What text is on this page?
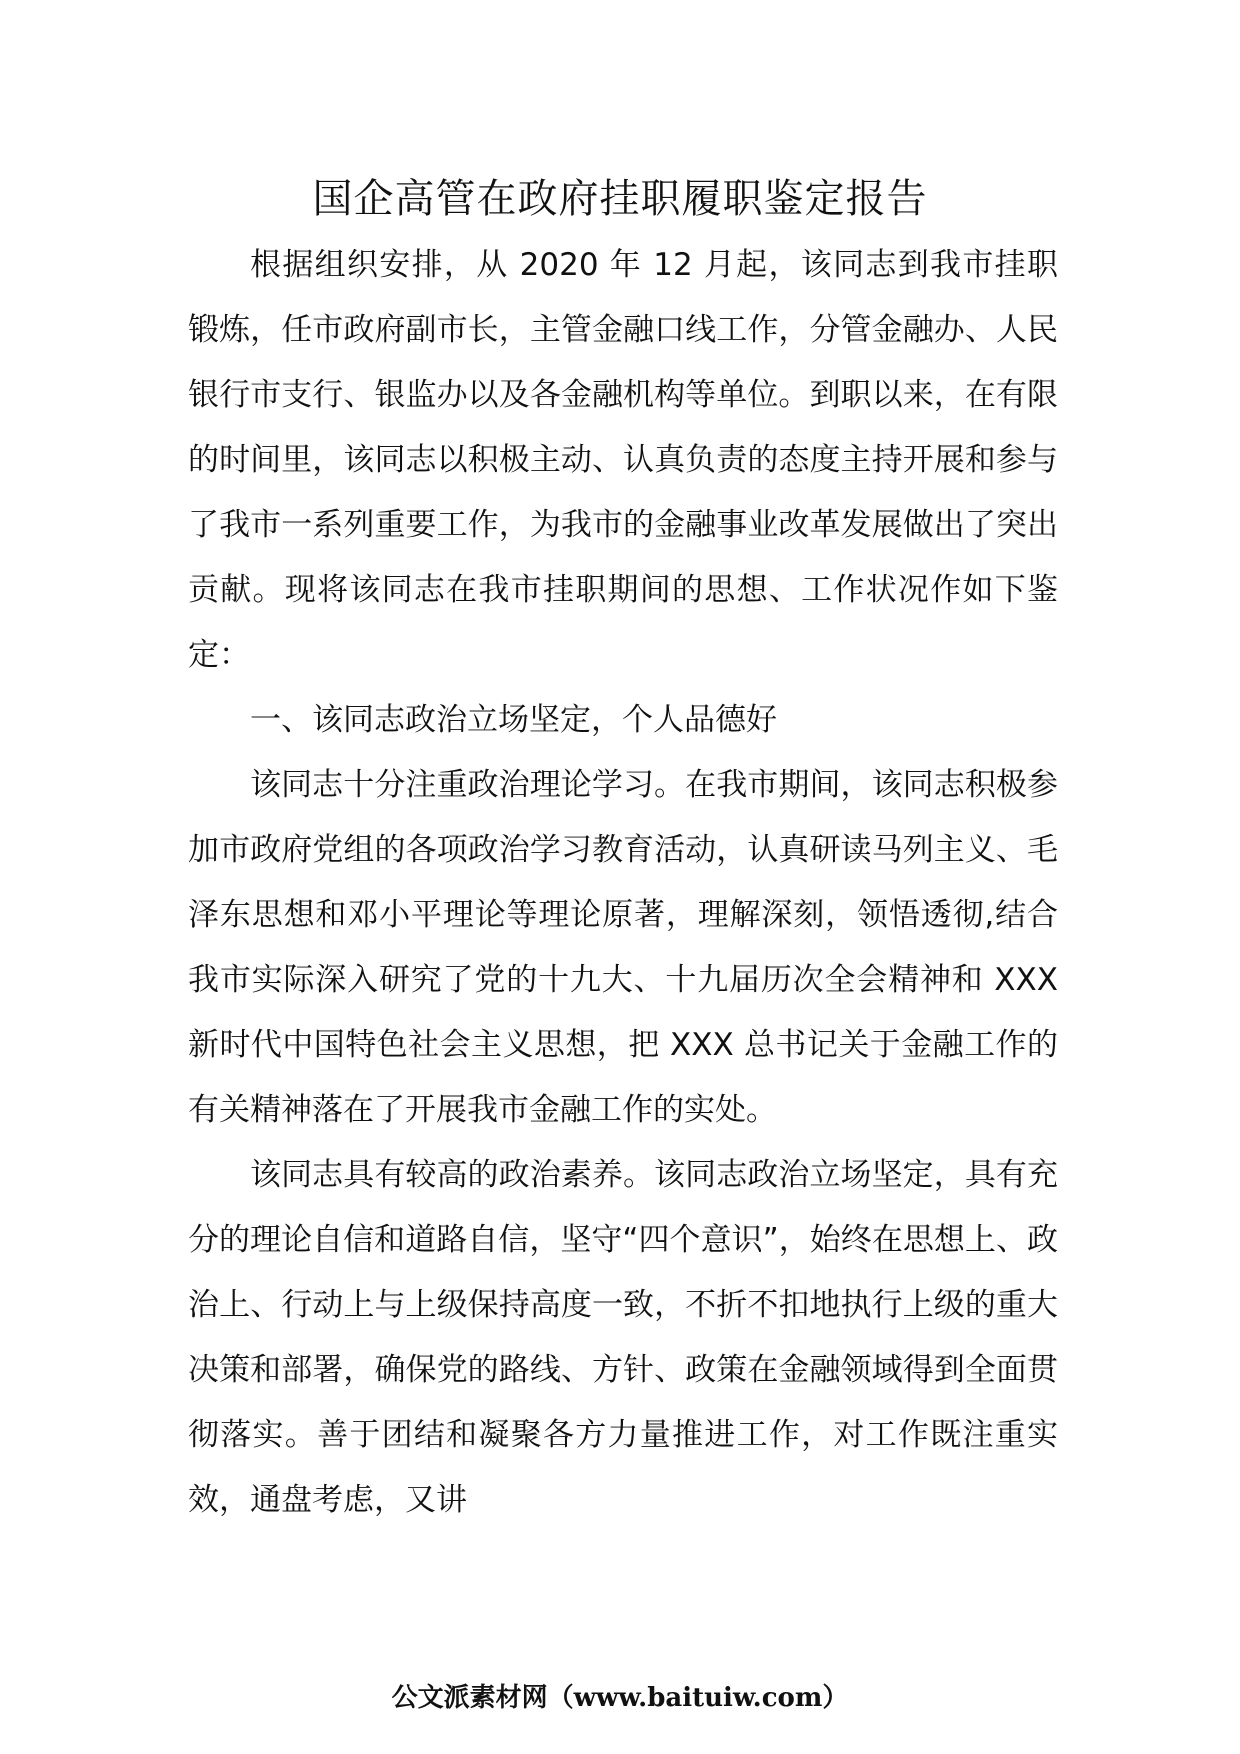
国企高管在政府挂职履职鉴定报告

根据组织安排，从 2020 年 12 月起，该同志到我市挂职锻炼，任市政府副市长，主管金融口线工作，分管金融办、人民银行市支行、银监办以及各金融机构等单位。到职以来，在有限的时间里，该同志以积极主动、认真负责的态度主持开展和参与了我市一系列重要工作，为我市的金融事业改革发展做出了突出贡献。现将该同志在我市挂职期间的思想、工作状况作如下鉴定：

一、该同志政治立场坚定，个人品德好

该同志十分注重政治理论学习。在我市期间，该同志积极参加市政府党组的各项政治学习教育活动，认真研读马列主义、毛泽东思想和邓小平理论等理论原著，理解深刻，领悟透彻,结合我市实际深入研究了党的十九大、十九届历次全会精神和 XXX 新时代中国特色社会主义思想，把 XXX 总书记关于金融工作的有关精神落在了开展我市金融工作的实处。

该同志具有较高的政治素养。该同志政治立场坚定，具有充分的理论自信和道路自信，坚守“四个意识”，始终在思想上、政治上、行动上与上级保持高度一致，不折不扣地执行上级的重大决策和部署，确保党的路线、方针、政策在金融领域得到全面贯彻落实。善于团结和凝聚各方力量推进工作，对工作既注重实效，通盘考虑，又讲

公文派素材网（www.baituiw.com）
